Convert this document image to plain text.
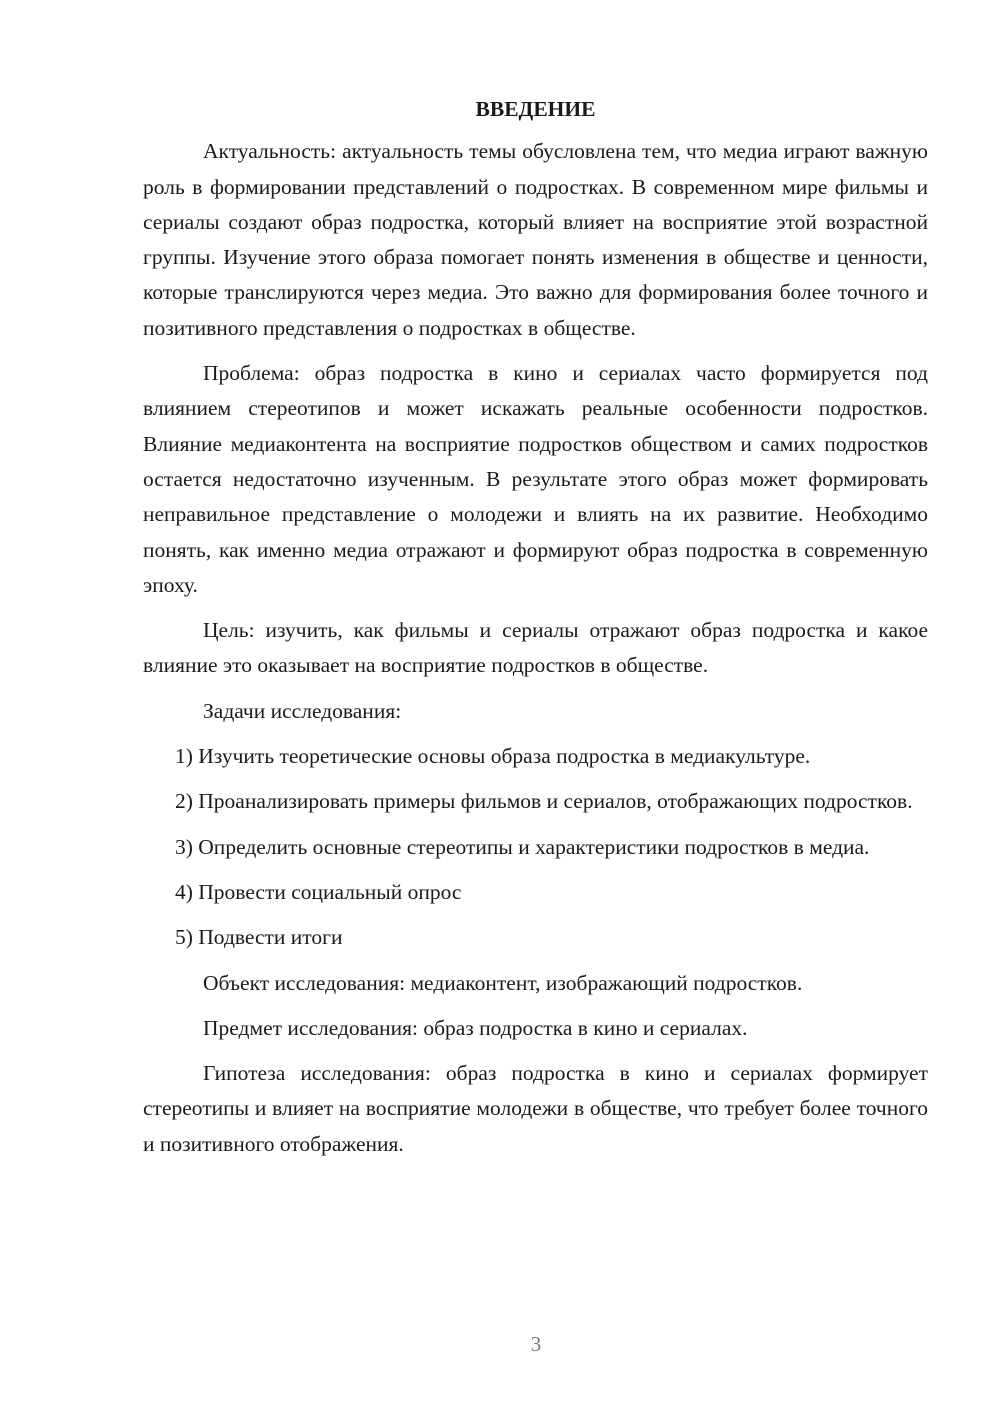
ВВЕДЕНИЕ

Актуальность: актуальность темы обусловлена тем, что медиа играют важную роль в формировании представлений о подростках. В современном мире фильмы и сериалы создают образ подростка, который влияет на восприятие этой возрастной группы. Изучение этого образа помогает понять изменения в обществе и ценности, которые транслируются через медиа. Это важно для формирования более точного и позитивного представления о подростках в обществе.

Проблема: образ подростка в кино и сериалах часто формируется под влиянием стереотипов и может искажать реальные особенности подростков. Влияние медиаконтента на восприятие подростков обществом и самих подростков остается недостаточно изученным. В результате этого образ может формировать неправильное представление о молодежи и влиять на их развитие. Необходимо понять, как именно медиа отражают и формируют образ подростка в современную эпоху.

Цель: изучить, как фильмы и сериалы отражают образ подростка и какое влияние это оказывает на восприятие подростков в обществе.

Задачи исследования:

1) Изучить теоретические основы образа подростка в медиакультуре.

2) Проанализировать примеры фильмов и сериалов, отображающих подростков.

3) Определить основные стереотипы и характеристики подростков в медиа.

4) Провести социальный опрос

5) Подвести итоги

Объект исследования: медиаконтент, изображающий подростков.

Предмет исследования: образ подростка в кино и сериалах.

Гипотеза исследования: образ подростка в кино и сериалах формирует стереотипы и влияет на восприятие молодежи в обществе, что требует более точного и позитивного отображения.

3
